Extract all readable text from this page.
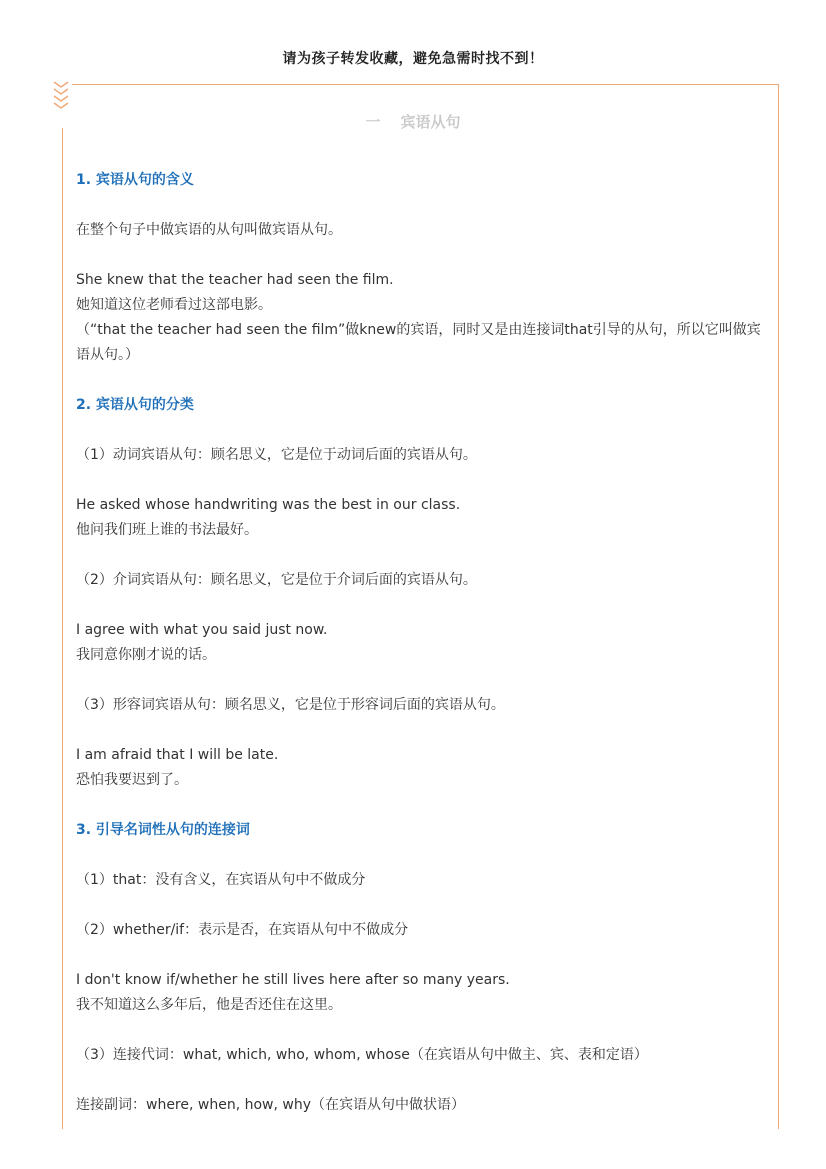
请为孩子转发收藏，避免急需时找不到！
一 宾语从句

1. 宾语从句的含义

在整个句子中做宾语的从句叫做宾语从句。

She knew that the teacher had seen the film.

她知道这位老师看过这部电影。

（“that the teacher had seen the film”做knew的宾语，同时又是由连接词that引导的从句，所以它叫做宾语从句。）

2. 宾语从句的分类

（1）动词宾语从句：顾名思义，它是位于动词后面的宾语从句。

He asked whose handwriting was the best in our class.

他问我们班上谁的书法最好。

（2）介词宾语从句：顾名思义，它是位于介词后面的宾语从句。

I agree with what you said just now.

我同意你刚才说的话。

（3）形容词宾语从句：顾名思义，它是位于形容词后面的宾语从句。

I am afraid that I will be late.

恐怕我要迟到了。

3. 引导名词性从句的连接词

（1）that：没有含义，在宾语从句中不做成分

（2）whether/if：表示是否，在宾语从句中不做成分

I don't know if/whether he still lives here after so many years.

我不知道这么多年后，他是否还住在这里。

（3）连接代词：what, which, who, whom, whose（在宾语从句中做主、宾、表和定语）

连接副词：where, when, how, why（在宾语从句中做状语）
